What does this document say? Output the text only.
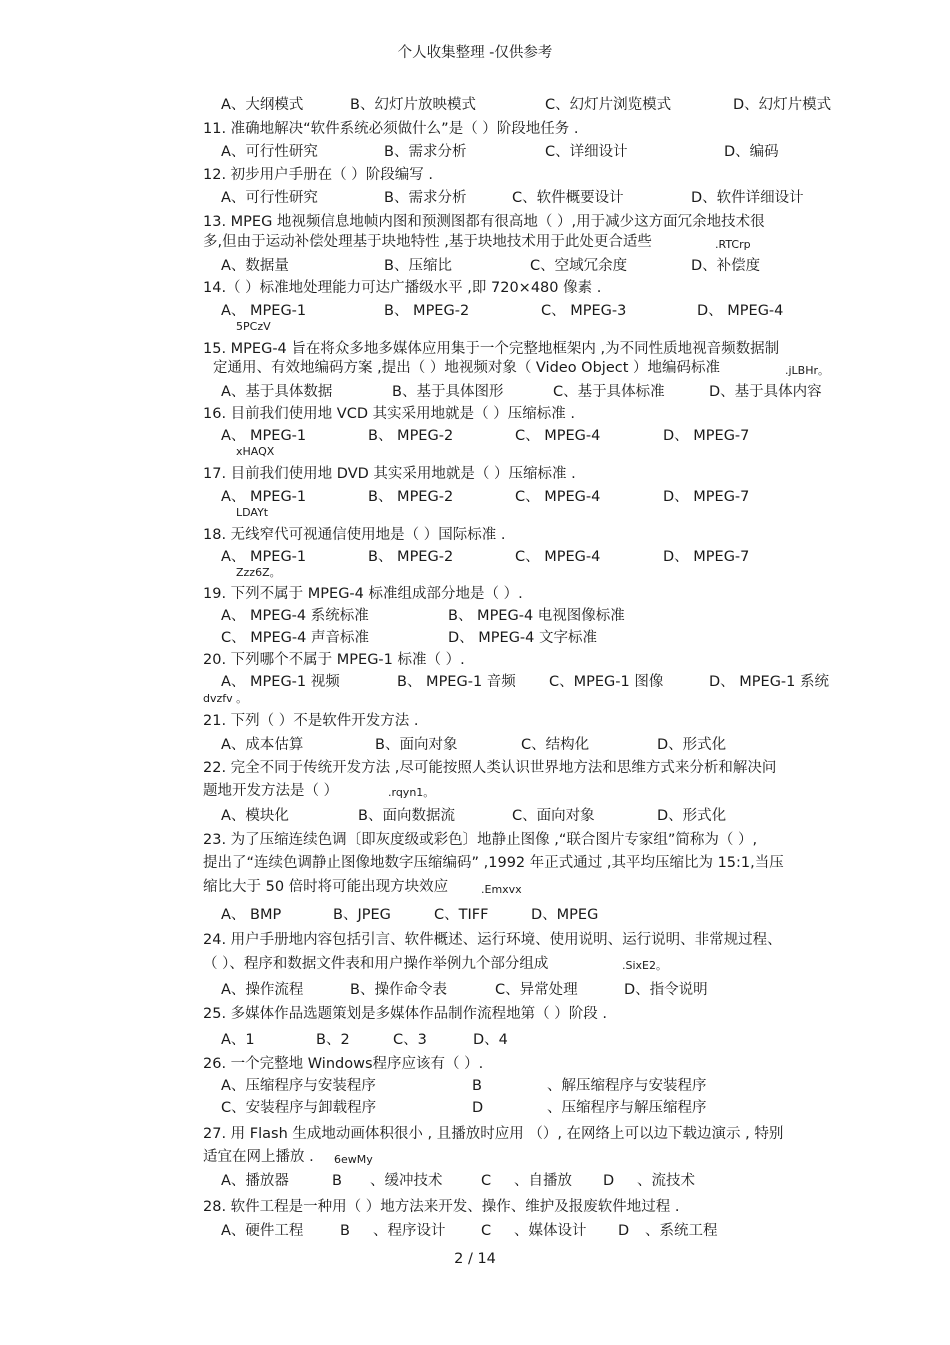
个人收集整理 -仅供参考
A、大纲模式	B、幻灯片放映模式	C、幻灯片浏览模式	D、幻灯片模式
11. 准确地解决“软件系统必须做什么”是（ ）阶段地任务 .
A、可行性研究	B、需求分析	C、详细设计	D、编码
12. 初步用户手册在（ ）阶段编写 .
A、可行性研究	B、需求分析	C、软件概要设计	D、软件详细设计
13. MPEG 地视频信息地帧内图和预测图都有很高地（ ）,用于减少这方面冗余地技术很
多,但由于运动补偿处理基于块地特性 ,基于块地技术用于此处更合适些	.RTCrp
A、数据量	B、压缩比	C、空域冗余度	D、补偿度
14.（ ）标准地处理能力可达广播级水平 ,即 720×480 像素 .
A、 MPEG-1	B、 MPEG-2	C、 MPEG-3	D、 MPEG-4
5PCzV
15. MPEG-4 旨在将众多地多媒体应用集于一个完整地框架内 ,为不同性质地视音频数据制
定通用、有效地编码方案 ,提出（ ）地视频对象（ Video Object ）地编码标准	.jLBHr。
A、基于具体数据	B、基于具体图形	C、基于具体标准	D、基于具体内容
16. 目前我们使用地 VCD 其实采用地就是（ ）压缩标准 .
A、 MPEG-1	B、 MPEG-2	C、 MPEG-4	D、 MPEG-7
xHAQX
17. 目前我们使用地 DVD 其实采用地就是（ ）压缩标准 .
A、 MPEG-1	B、 MPEG-2	C、 MPEG-4	D、 MPEG-7
LDAYt
18. 无线窄代可视通信使用地是（ ）国际标准 .
A、 MPEG-1	B、 MPEG-2	C、 MPEG-4	D、 MPEG-7
Zzz6Z。
19. 下列不属于 MPEG-4 标准组成部分地是（ ）.
A、 MPEG-4 系统标准	B、 MPEG-4 电视图像标准
C、 MPEG-4 声音标准	D、 MPEG-4 文字标准
20. 下列哪个不属于 MPEG-1 标准（ ）.
A、 MPEG-1 视频	B、 MPEG-1 音频 C、MPEG-1 图像	D、 MPEG-1 系统
dvzfv 。
21. 下列（ ）不是软件开发方法 .
A、成本估算	B、面向对象	C、结构化	D、形式化
22. 完全不同于传统开发方法 ,尽可能按照人类认识世界地方法和思维方式来分析和解决问
题地开发方法是（ ）	.rqyn1。
A、模块化	B、面向数据流	C、面向对象	D、形式化
23. 为了压缩连续色调〔即灰度级或彩色〕地静止图像 ,“联合图片专家组”简称为（ ）,
提出了“连续色调静止图像地数字压缩编码” ,1992 年正式通过 ,其平均压缩比为 15:1,当压
缩比大于 50 倍时将可能出现方块效应	.Emxvx
A、 BMP	B、JPEG	C、TIFF	D、MPEG
24. 用户手册地内容包括引言、软件概述、运行环境、使用说明、运行说明、非常规过程、
（ ）、程序和数据文件表和用户操作举例九个部分组成	.SixE2。
A、操作流程	B、操作命令表	C、异常处理	D、指令说明
25. 多媒体作品选题策划是多媒体作品制作流程地第（ ）阶段 .
A、1	B、2	C、3	D、4
26. 一个完整地 Windows程序应该有（ ）.
A、压缩程序与安装程序	B	、解压缩程序与安装程序
C、安装程序与卸载程序	D	、压缩程序与解压缩程序
27. 用 Flash 生成地动画体积很小 , 且播放时应用 （）, 在网络上可以边下载边演示 , 特别
适宜在网上播放 . 6ewMy
A、播放器	B 、缓冲技术	C 、自播放 D 、流技术
28. 软件工程是一种用（ ）地方法来开发、操作、维护及报废软件地过程 .
A、硬件工程	B 、程序设计 C 、媒体设计 D 、系统工程
2 / 14
